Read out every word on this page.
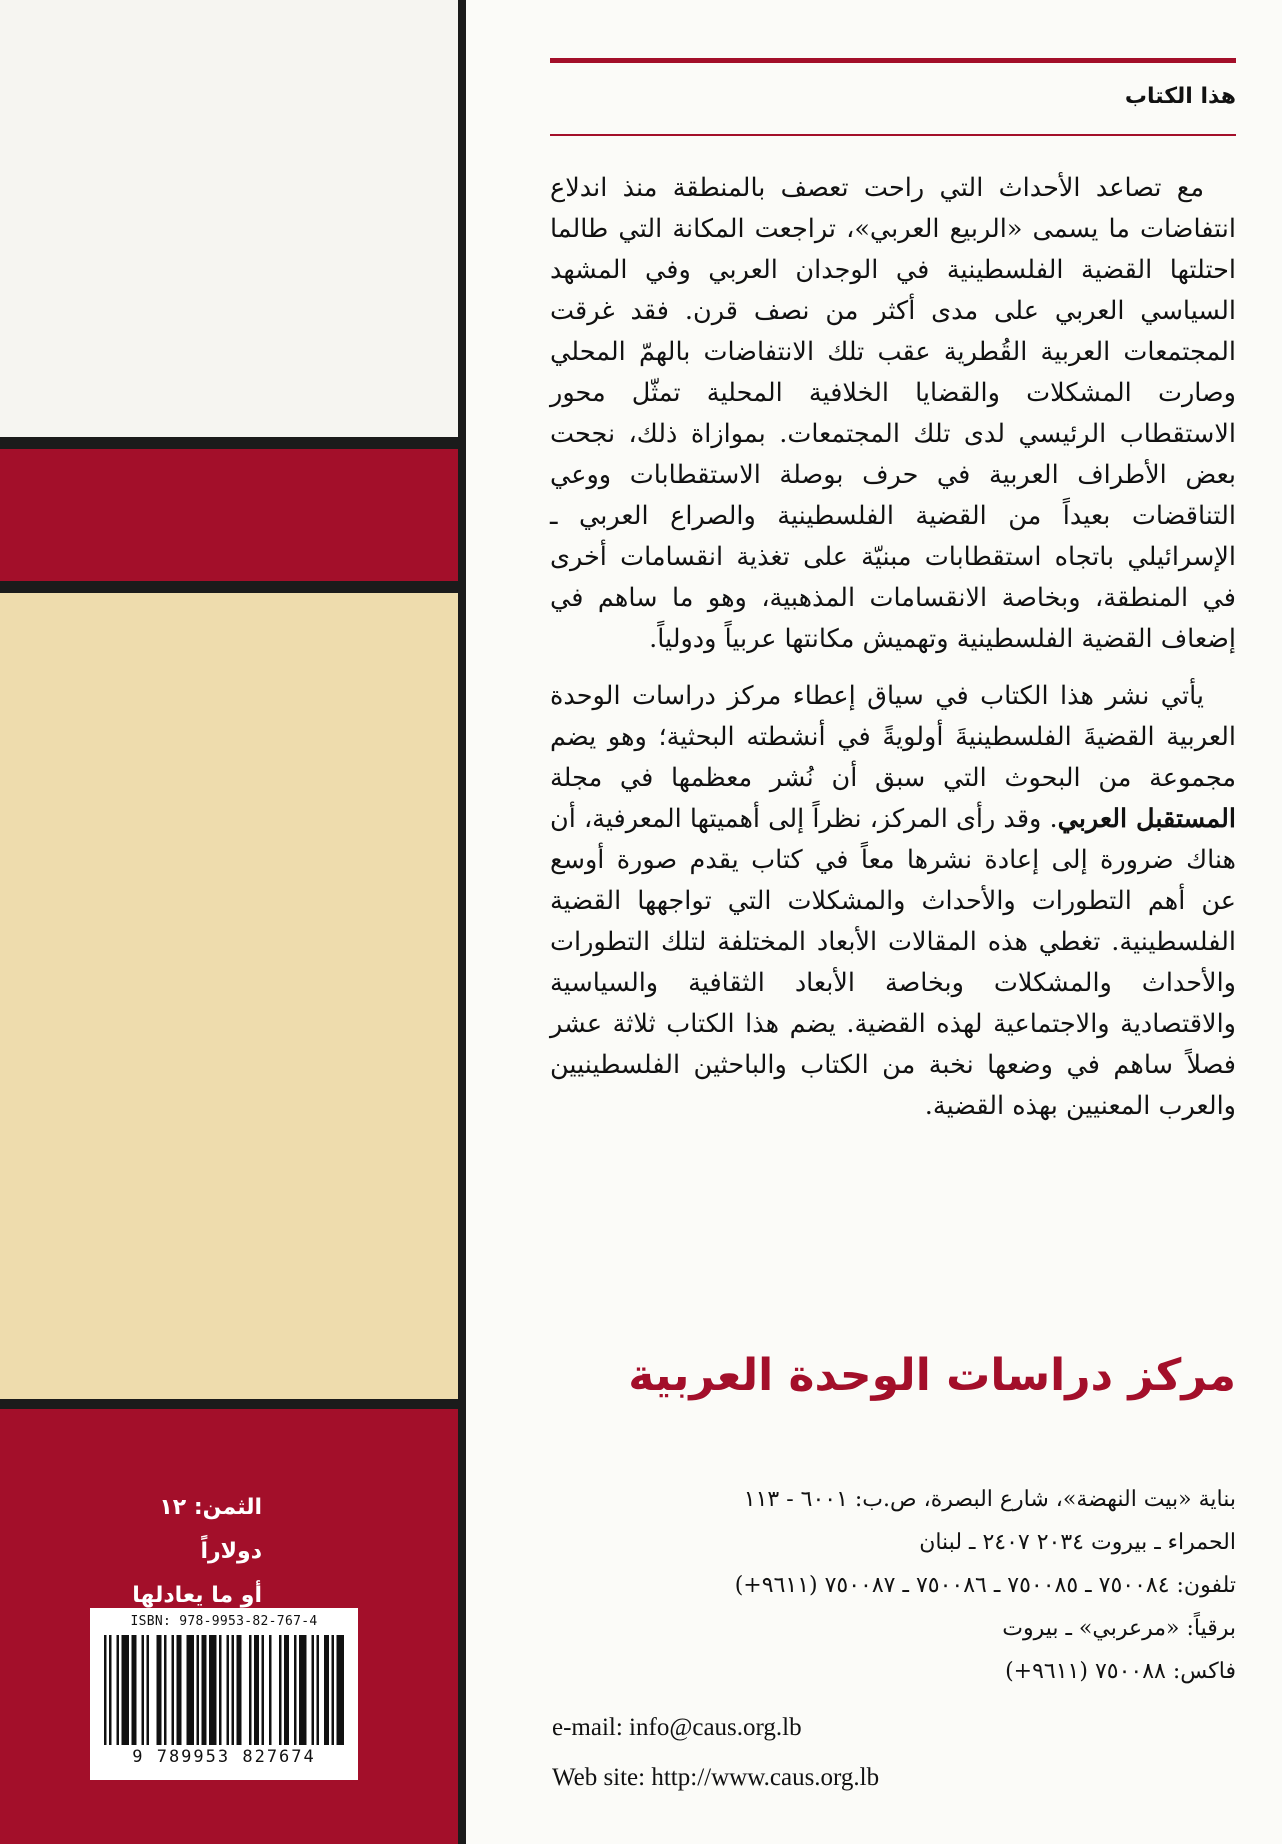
الثمن: ١٢ دولاراً
أو ما يعادلها
ISBN: 978-9953-82-767-4
9 789953 827674
هذا الكتاب

مع تصاعد الأحداث التي راحت تعصف بالمنطقة منذ اندلاع انتفاضات ما يسمى «الربيع العربي»، تراجعت المكانة التي طالما احتلتها القضية الفلسطينية في الوجدان العربي وفي المشهد السياسي العربي على مدى أكثر من نصف قرن. فقد غرقت المجتمعات العربية القُطرية عقب تلك الانتفاضات بالهمّ المحلي وصارت المشكلات والقضايا الخلافية المحلية تمثّل محور الاستقطاب الرئيسي لدى تلك المجتمعات. بموازاة ذلك، نجحت بعض الأطراف العربية في حرف بوصلة الاستقطابات ووعي التناقضات بعيداً من القضية الفلسطينية والصراع العربي ـ الإسرائيلي باتجاه استقطابات مبنيّة على تغذية انقسامات أخرى في المنطقة، وبخاصة الانقسامات المذهبية، وهو ما ساهم في إضعاف القضية الفلسطينية وتهميش مكانتها عربياً ودولياً.

يأتي نشر هذا الكتاب في سياق إعطاء مركز دراسات الوحدة العربية القضيةَ الفلسطينيةَ أولويةً في أنشطته البحثية؛ وهو يضم مجموعة من البحوث التي سبق أن نُشر معظمها في مجلة المستقبل العربي. وقد رأى المركز، نظراً إلى أهميتها المعرفية، أن هناك ضرورة إلى إعادة نشرها معاً في كتاب يقدم صورة أوسع عن أهم التطورات والأحداث والمشكلات التي تواجهها القضية الفلسطينية. تغطي هذه المقالات الأبعاد المختلفة لتلك التطورات والأحداث والمشكلات وبخاصة الأبعاد الثقافية والسياسية والاقتصادية والاجتماعية لهذه القضية. يضم هذا الكتاب ثلاثة عشر فصلاً ساهم في وضعها نخبة من الكتاب والباحثين الفلسطينيين والعرب المعنيين بهذه القضية.

مركز دراسات الوحدة العربية
بناية «بيت النهضة»، شارع البصرة، ص.ب: ٦٠٠١ - ١١٣
الحمراء ـ بيروت ٢٠٣٤ ٢٤٠٧ ـ لبنان
تلفون: ٧٥٠٠٨٤ ـ ٧٥٠٠٨٥ ـ ٧٥٠٠٨٦ ـ ٧٥٠٠٨٧ (٩٦١١+)
برقياً: «مرعربي» ـ بيروت
فاكس: ٧٥٠٠٨٨ (٩٦١١+)
e-mail: info@caus.org.lb
Web site: http://www.caus.org.lb
